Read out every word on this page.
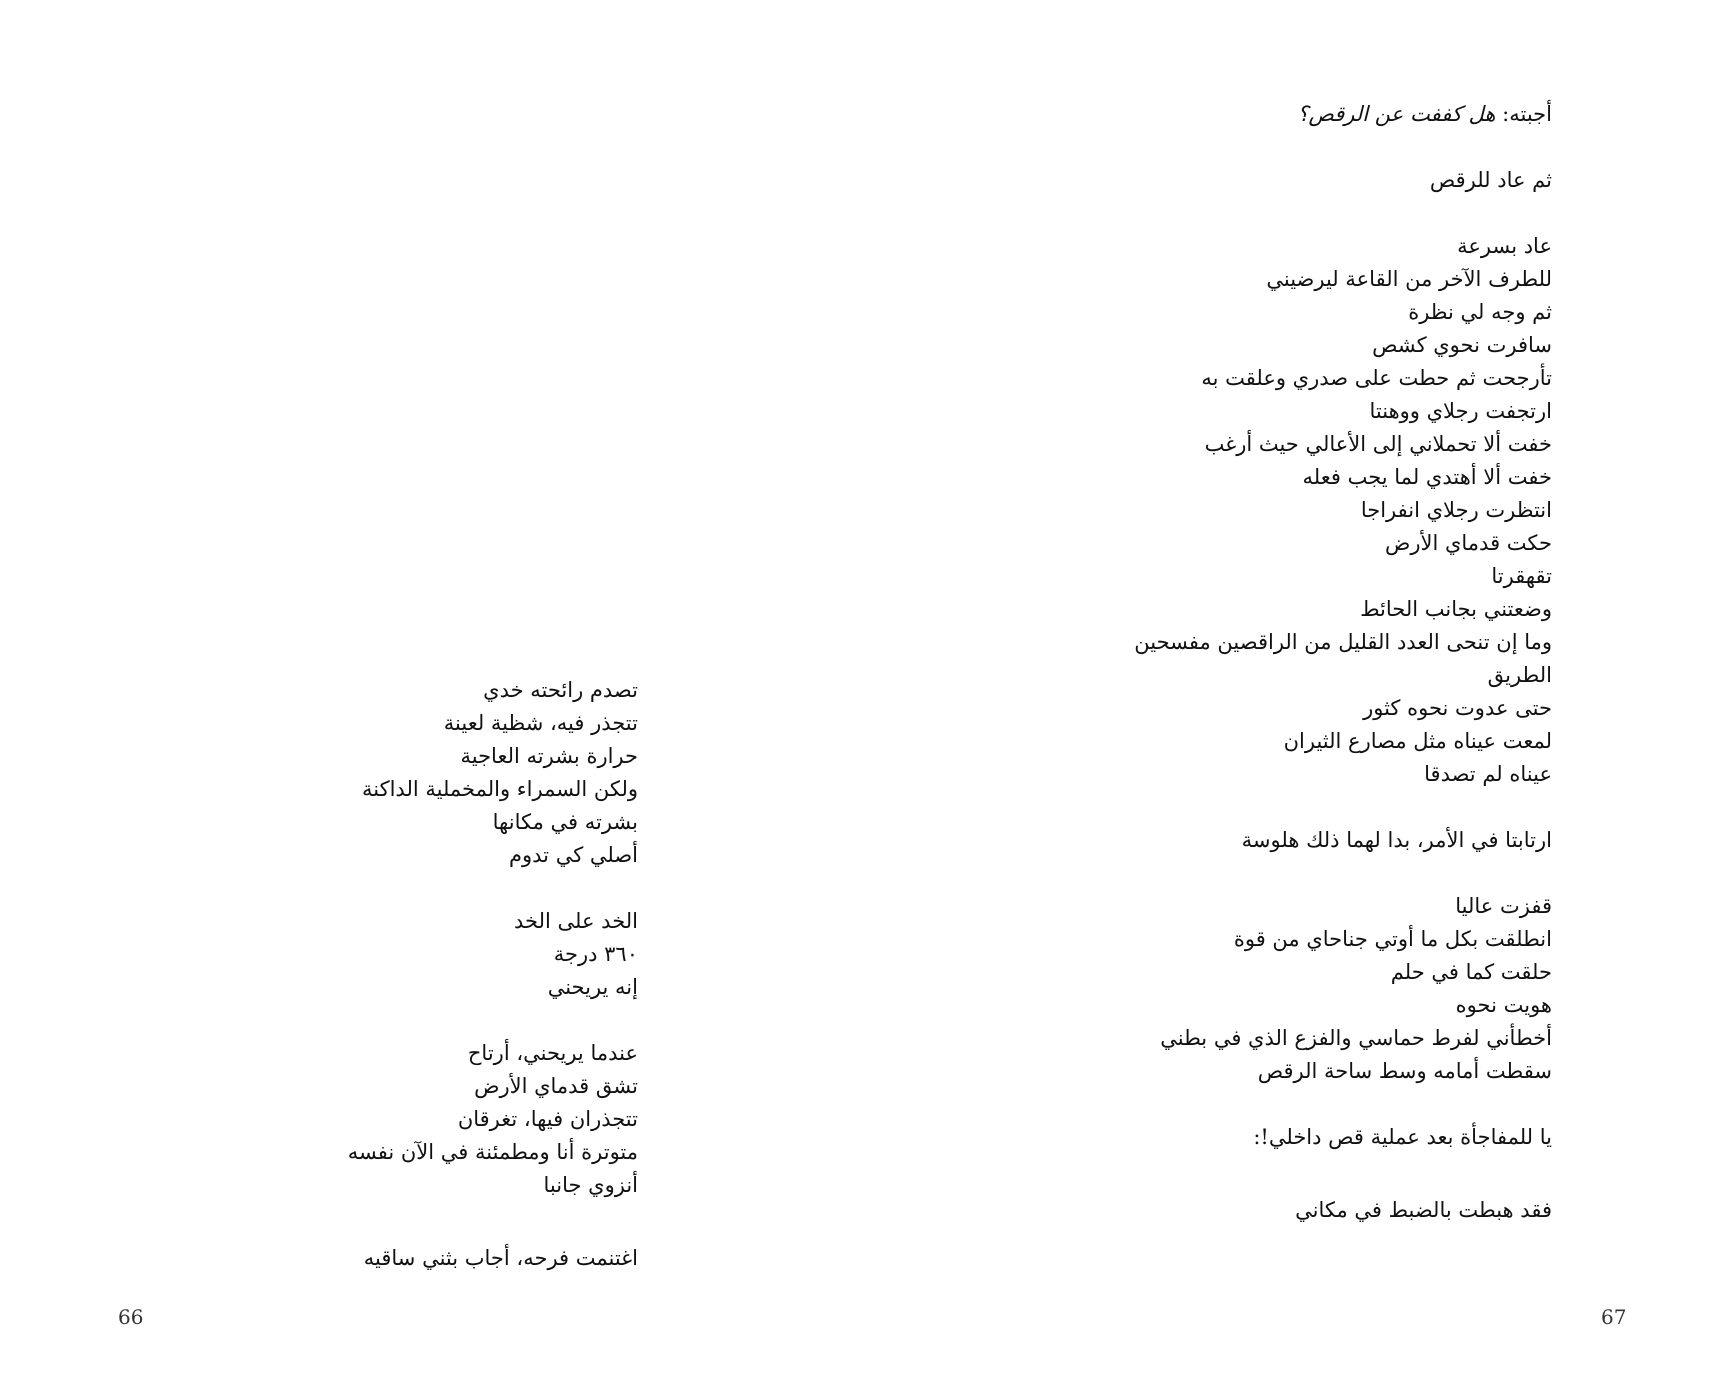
تصدم رائحته خدي
تتجذر فيه، شظية لعينة
حرارة بشرته العاجية
ولكن السمراء والمخملية الداكنة
بشرته في مكانها
أصلي كي تدوم
الخد على الخد
٣٦٠ درجة
إنه يريحني
عندما يريحني، أرتاح
تشق قدماي الأرض
تتجذران فيها، تغرقان
متوترة أنا ومطمئنة في الآن نفسه
أنزوي جانبا
اغتنمت فرحه، أجاب بثني ساقيه
66
أجبته: هل كففت عن الرقص؟
ثم عاد للرقص
عاد بسرعة
للطرف الآخر من القاعة ليرضيني
ثم وجه لي نظرة
سافرت نحوي كشص
تأرجحت ثم حطت على صدري وعلقت به
ارتجفت رجلاي ووهنتا
خفت ألا تحملاني إلى الأعالي حيث أرغب
خفت ألا أهتدي لما يجب فعله
انتظرت رجلاي انفراجا
حكت قدماي الأرض
تقهقرتا
وضعتني بجانب الحائط
وما إن تنحى العدد القليل من الراقصين مفسحين
الطريق
حتى عدوت نحوه كثور
لمعت عيناه مثل مصارع الثيران
عيناه لم تصدقا
ارتابتا في الأمر، بدا لهما ذلك هلوسة
قفزت عاليا
انطلقت بكل ما أوتي جناحاي من قوة
حلقت كما في حلم
هويت نحوه
أخطأني لفرط حماسي والفزع الذي في بطني
سقطت أمامه وسط ساحة الرقص
يا للمفاجأة بعد عملية قص داخلي!:
فقد هبطت بالضبط في مكاني
67
